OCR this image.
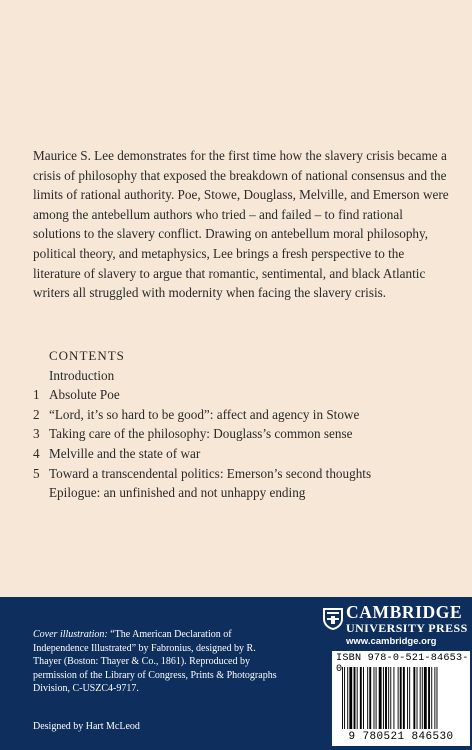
Maurice S. Lee demonstrates for the first time how the slavery crisis became a crisis of philosophy that exposed the breakdown of national consensus and the limits of rational authority. Poe, Stowe, Douglass, Melville, and Emerson were among the antebellum authors who tried – and failed – to find rational solutions to the slavery conflict. Drawing on antebellum moral philosophy, political theory, and metaphysics, Lee brings a fresh perspective to the literature of slavery to argue that romantic, sentimental, and black Atlantic writers all struggled with modernity when facing the slavery crisis.

CONTENTS

Introduction
1 Absolute Poe
2 “Lord, it’s so hard to be good”: affect and agency in Stowe
3 Taking care of the philosophy: Douglass’s common sense
4 Melville and the state of war
5 Toward a transcendental politics: Emerson’s second thoughts
Epilogue: an unfinished and not unhappy ending

Cover illustration: “The American Declaration of Independence Illustrated” by Fabronius, designed by R. Thayer (Boston: Thayer & Co., 1861). Reproduced by permission of the Library of Congress, Prints & Photographs Division, C-USZC4-9717.

Designed by Hart McLeod

CAMBRIDGE

UNIVERSITY PRESS

www.cambridge.org

ISBN 978-0-521-84653-0

9 780521 846530
